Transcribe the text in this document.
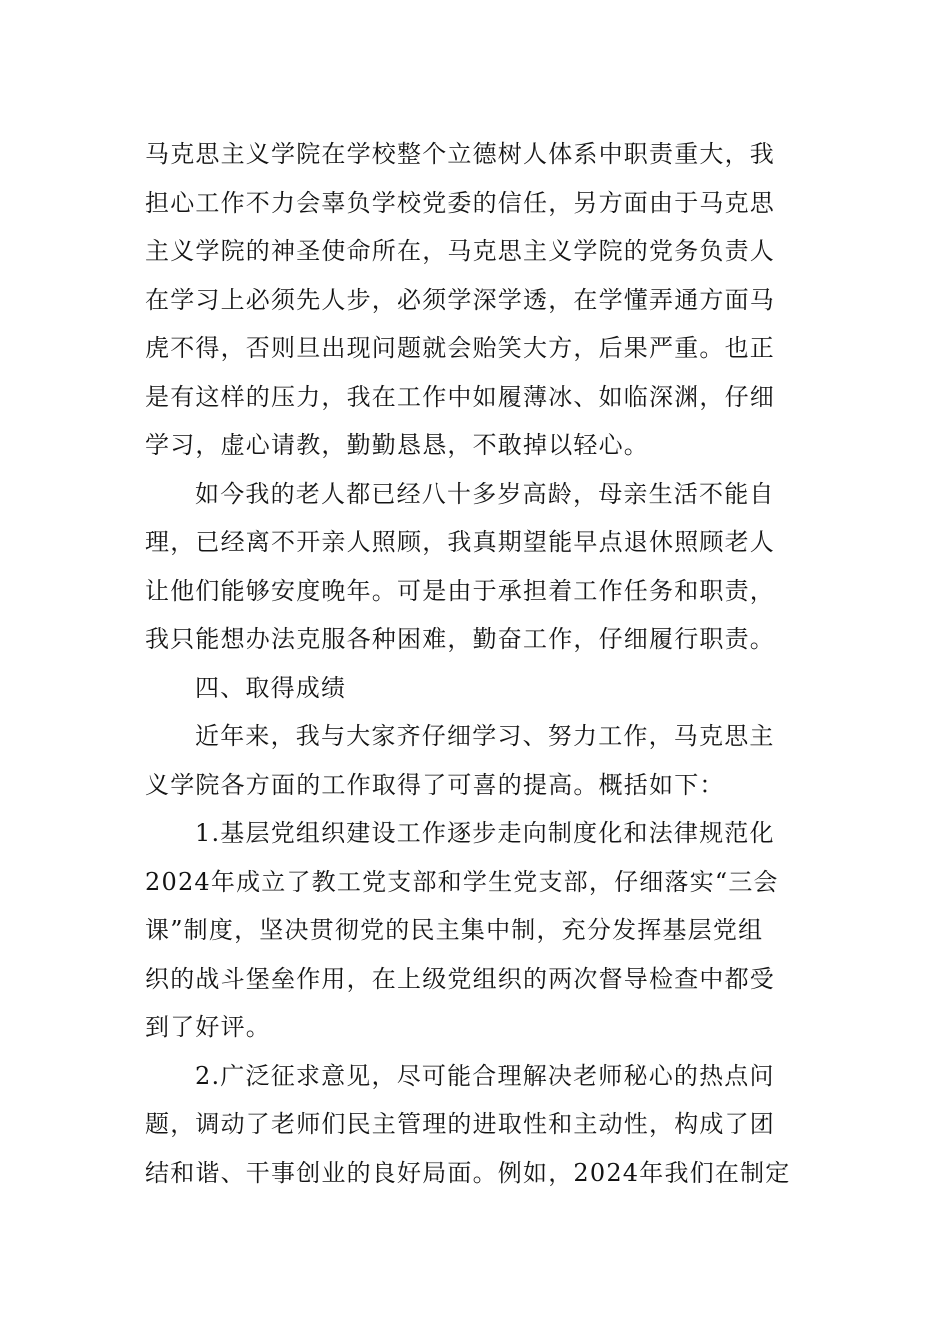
马克思主义学院在学校整个立德树人体系中职责重大，我
担心工作不力会辜负学校党委的信任，另方面由于马克思
主义学院的神圣使命所在，马克思主义学院的党务负责人
在学习上必须先人步，必须学深学透，在学懂弄通方面马
虎不得，否则旦出现问题就会贻笑大方，后果严重。也正
是有这样的压力，我在工作中如履薄冰、如临深渊，仔细
学习，虚心请教，勤勤恳恳，不敢掉以轻心。
如今我的老人都已经八十多岁高龄，母亲生活不能自
理，已经离不开亲人照顾，我真期望能早点退休照顾老人
让他们能够安度晚年。可是由于承担着工作任务和职责，
我只能想办法克服各种困难，勤奋工作，仔细履行职责。
四、取得成绩
近年来，我与大家齐仔细学习、努力工作，马克思主
义学院各方面的工作取得了可喜的提高。概括如下：
1.基层党组织建设工作逐步走向制度化和法律规范化
2024年成立了教工党支部和学生党支部，仔细落实“三会
课”制度，坚决贯彻党的民主集中制，充分发挥基层党组
织的战斗堡垒作用，在上级党组织的两次督导检查中都受
到了好评。
2.广泛征求意见，尽可能合理解决老师秘心的热点问
题，调动了老师们民主管理的进取性和主动性，构成了团
结和谐、干事创业的良好局面。例如，2024年我们在制定
